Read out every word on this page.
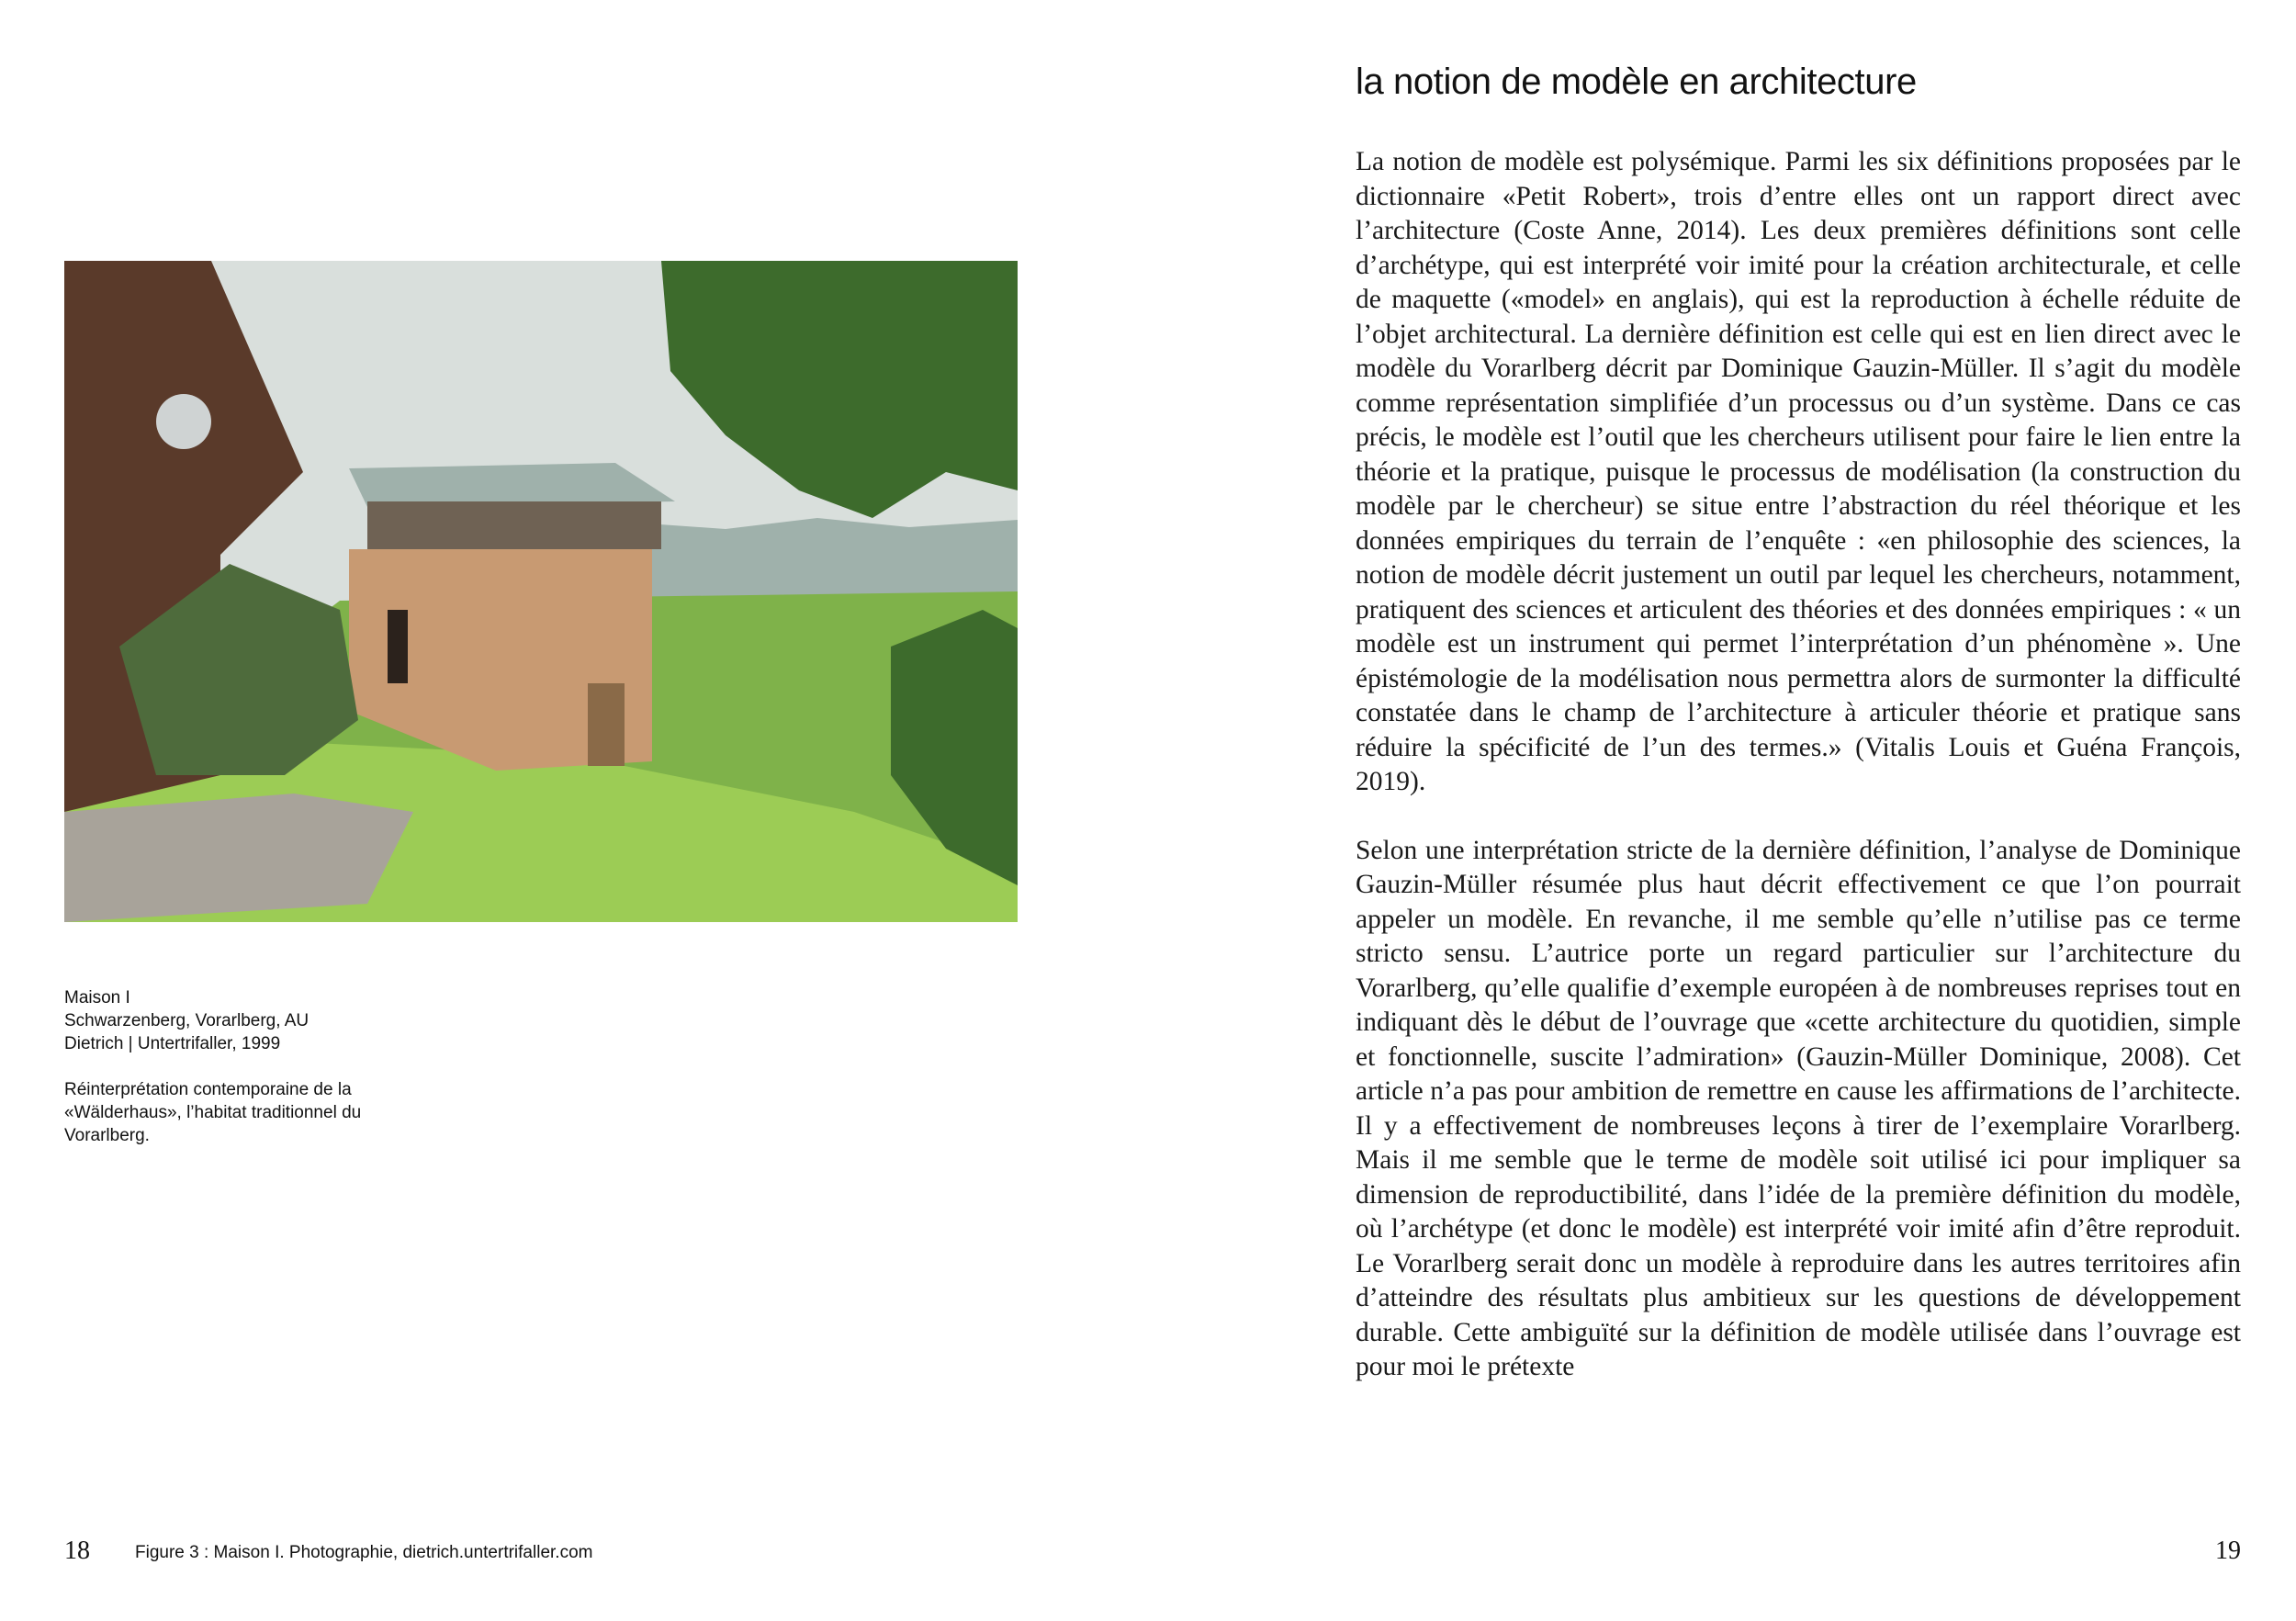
Maison I

Schwarzenberg, Vorarlberg, AU

Dietrich | Untertrifaller, 1999

Réinterprétation contemporaine de la «Wälderhaus», l’habitat traditionnel du Vorarlberg.

18	Figure 3 : Maison I. Photographie, dietrich.untertrifaller.com
la notion de modèle en architecture

La notion de modèle est polysémique. Parmi les six définitions proposées par le dictionnaire «Petit Robert», trois d’entre elles ont un rapport direct avec l’architecture (Coste Anne, 2014). Les deux premières définitions sont celle d’archétype, qui est interprété voir imité pour la création architecturale, et celle de maquette («model» en anglais), qui est la reproduction à échelle réduite de l’objet architectural. La dernière définition est celle qui est en lien direct avec le modèle du Vorarlberg décrit par Dominique Gauzin-Müller. Il s’agit du modèle comme représentation simplifiée d’un processus ou d’un système. Dans ce cas précis, le modèle est l’outil que les chercheurs utilisent pour faire le lien entre la théorie et la pratique, puisque le processus de modélisation (la construction du modèle par le chercheur) se situe entre l’abstraction du réel théorique et les données empiriques du terrain de l’enquête : «en philosophie des sciences, la notion de modèle décrit justement un outil par lequel les chercheurs, notamment, pratiquent des sciences et articulent des théories et des données empiriques : « un modèle est un instrument qui permet l’interprétation d’un phénomène ». Une épistémologie de la modélisation nous permettra alors de surmonter la difficulté constatée dans le champ de l’architecture à articuler théorie et pratique sans réduire la spécificité de l’un des termes.» (Vitalis Louis et Guéna François, 2019).

Selon une interprétation stricte de la dernière définition, l’analyse de Dominique Gauzin-Müller résumée plus haut décrit effectivement ce que l’on pourrait appeler un modèle. En revanche, il me semble qu’elle n’utilise pas ce terme stricto sensu. L’autrice porte un regard particulier sur l’architecture du Vorarlberg, qu’elle qualifie d’exemple européen à de nombreuses reprises tout en indiquant dès le début de l’ouvrage que «cette architecture du quotidien, simple et fonctionnelle, suscite l’admiration» (Gauzin-Müller Dominique, 2008). Cet article n’a pas pour ambition de remettre en cause les affirmations de l’architecte. Il y a effectivement de nombreuses leçons à tirer de l’exemplaire Vorarlberg. Mais il me semble que le terme de modèle soit utilisé ici pour impliquer sa dimension de reproductibilité, dans l’idée de la première définition du modèle, où l’archétype (et donc le modèle) est interprété voir imité afin d’être reproduit. Le Vorarlberg serait donc un modèle à reproduire dans les autres territoires afin d’atteindre des résultats plus ambitieux sur les questions de développement durable. Cette ambiguïté sur la définition de modèle utilisée dans l’ouvrage est pour moi le prétexte

19
